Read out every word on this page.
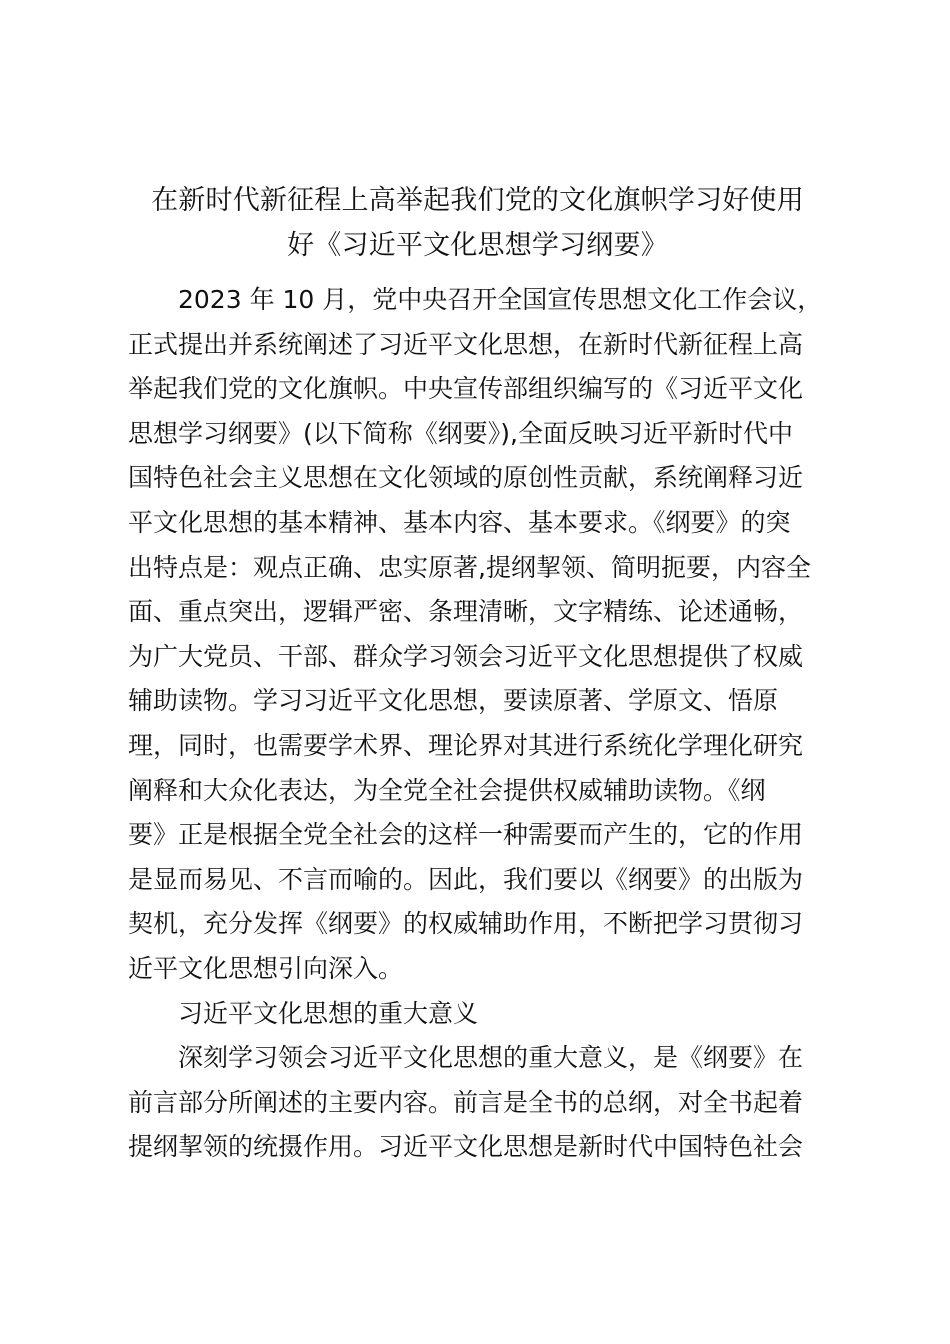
在新时代新征程上高举起我们党的文化旗帜学习好使用
好《习近平文化思想学习纲要》
2023 年 10 月，党中央召开全国宣传思想文化工作会议，
正式提出并系统阐述了习近平文化思想，在新时代新征程上高
举起我们党的文化旗帜。中央宣传部组织编写的《习近平文化
思想学习纲要》(以下简称《纲要》),全面反映习近平新时代中
国特色社会主义思想在文化领域的原创性贡献，系统阐释习近
平文化思想的基本精神、基本内容、基本要求。《纲要》的突
出特点是：观点正确、忠实原著,提纲挈领、简明扼要，内容全
面、重点突出，逻辑严密、条理清晰，文字精练、论述通畅，
为广大党员、干部、群众学习领会习近平文化思想提供了权威
辅助读物。学习习近平文化思想，要读原著、学原文、悟原
理，同时，也需要学术界、理论界对其进行系统化学理化研究
阐释和大众化表达，为全党全社会提供权威辅助读物。《纲
要》正是根据全党全社会的这样一种需要而产生的，它的作用
是显而易见、不言而喻的。因此，我们要以《纲要》的出版为
契机，充分发挥《纲要》的权威辅助作用，不断把学习贯彻习
近平文化思想引向深入。
习近平文化思想的重大意义
深刻学习领会习近平文化思想的重大意义，是《纲要》在
前言部分所阐述的主要内容。前言是全书的总纲，对全书起着
提纲挈领的统摄作用。习近平文化思想是新时代中国特色社会
